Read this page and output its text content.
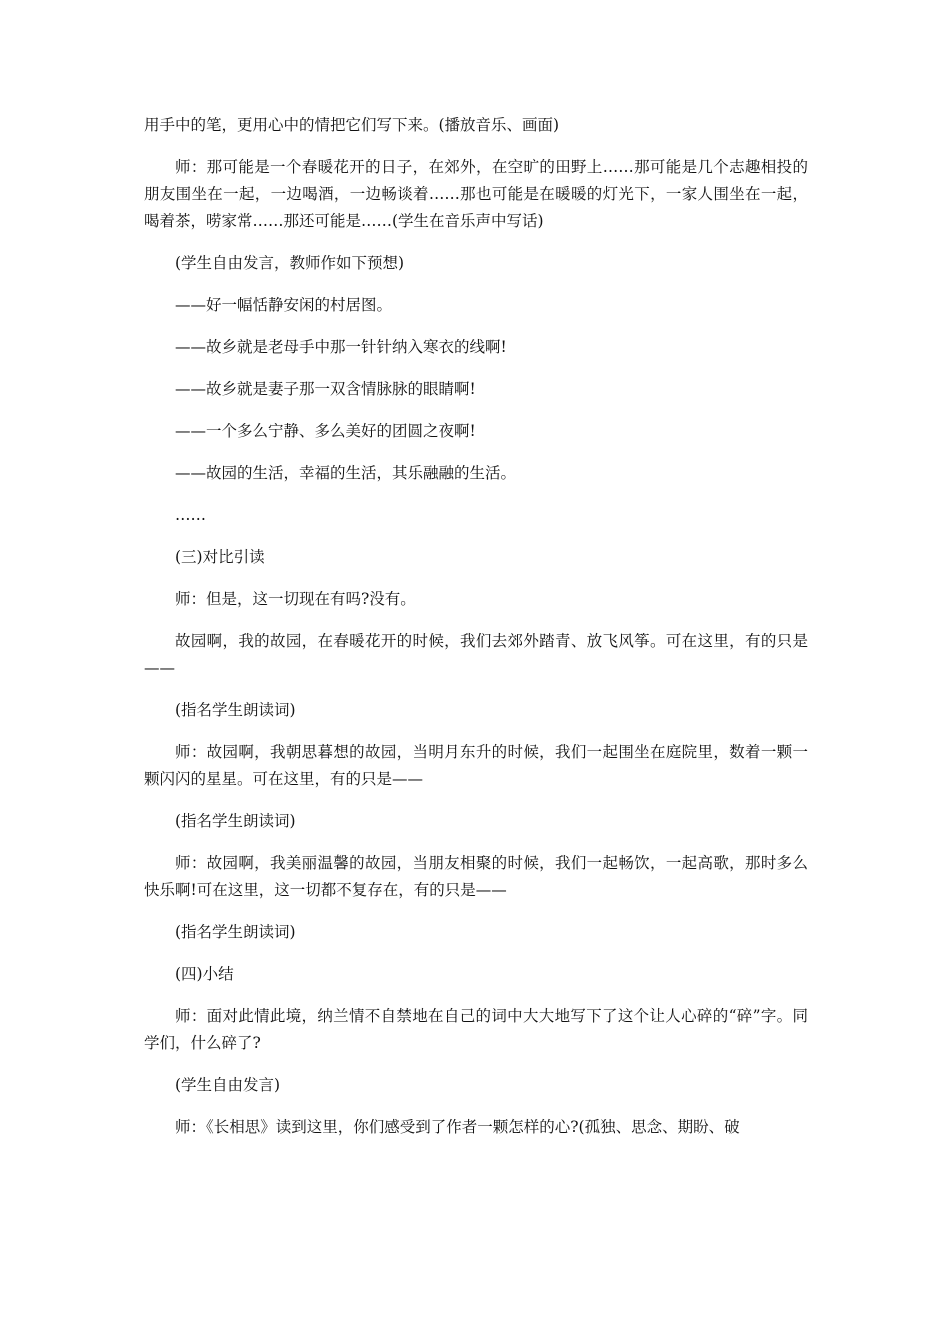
用手中的笔，更用心中的情把它们写下来。(播放音乐、画面)

师：那可能是一个春暖花开的日子，在郊外，在空旷的田野上……那可能是几个志趣相投的朋友围坐在一起，一边喝酒，一边畅谈着……那也可能是在暖暖的灯光下，一家人围坐在一起，喝着茶，唠家常……那还可能是……(学生在音乐声中写话)

(学生自由发言，教师作如下预想)

——好一幅恬静安闲的村居图。

——故乡就是老母手中那一针针纳入寒衣的线啊!

——故乡就是妻子那一双含情脉脉的眼睛啊!

——一个多么宁静、多么美好的团圆之夜啊!

——故园的生活，幸福的生活，其乐融融的生活。

……

(三)对比引读

师：但是，这一切现在有吗?没有。

故园啊，我的故园，在春暖花开的时候，我们去郊外踏青、放飞风筝。可在这里，有的只是——

(指名学生朗读词)

师：故园啊，我朝思暮想的故园，当明月东升的时候，我们一起围坐在庭院里，数着一颗一颗闪闪的星星。可在这里，有的只是——

(指名学生朗读词)

师：故园啊，我美丽温馨的故园，当朋友相聚的时候，我们一起畅饮，一起高歌，那时多么快乐啊!可在这里，这一切都不复存在，有的只是——

(指名学生朗读词)

(四)小结

师：面对此情此境，纳兰情不自禁地在自己的词中大大地写下了这个让人心碎的“碎”字。同学们，什么碎了?

(学生自由发言)

师：《长相思》读到这里，你们感受到了作者一颗怎样的心?(孤独、思念、期盼、破
